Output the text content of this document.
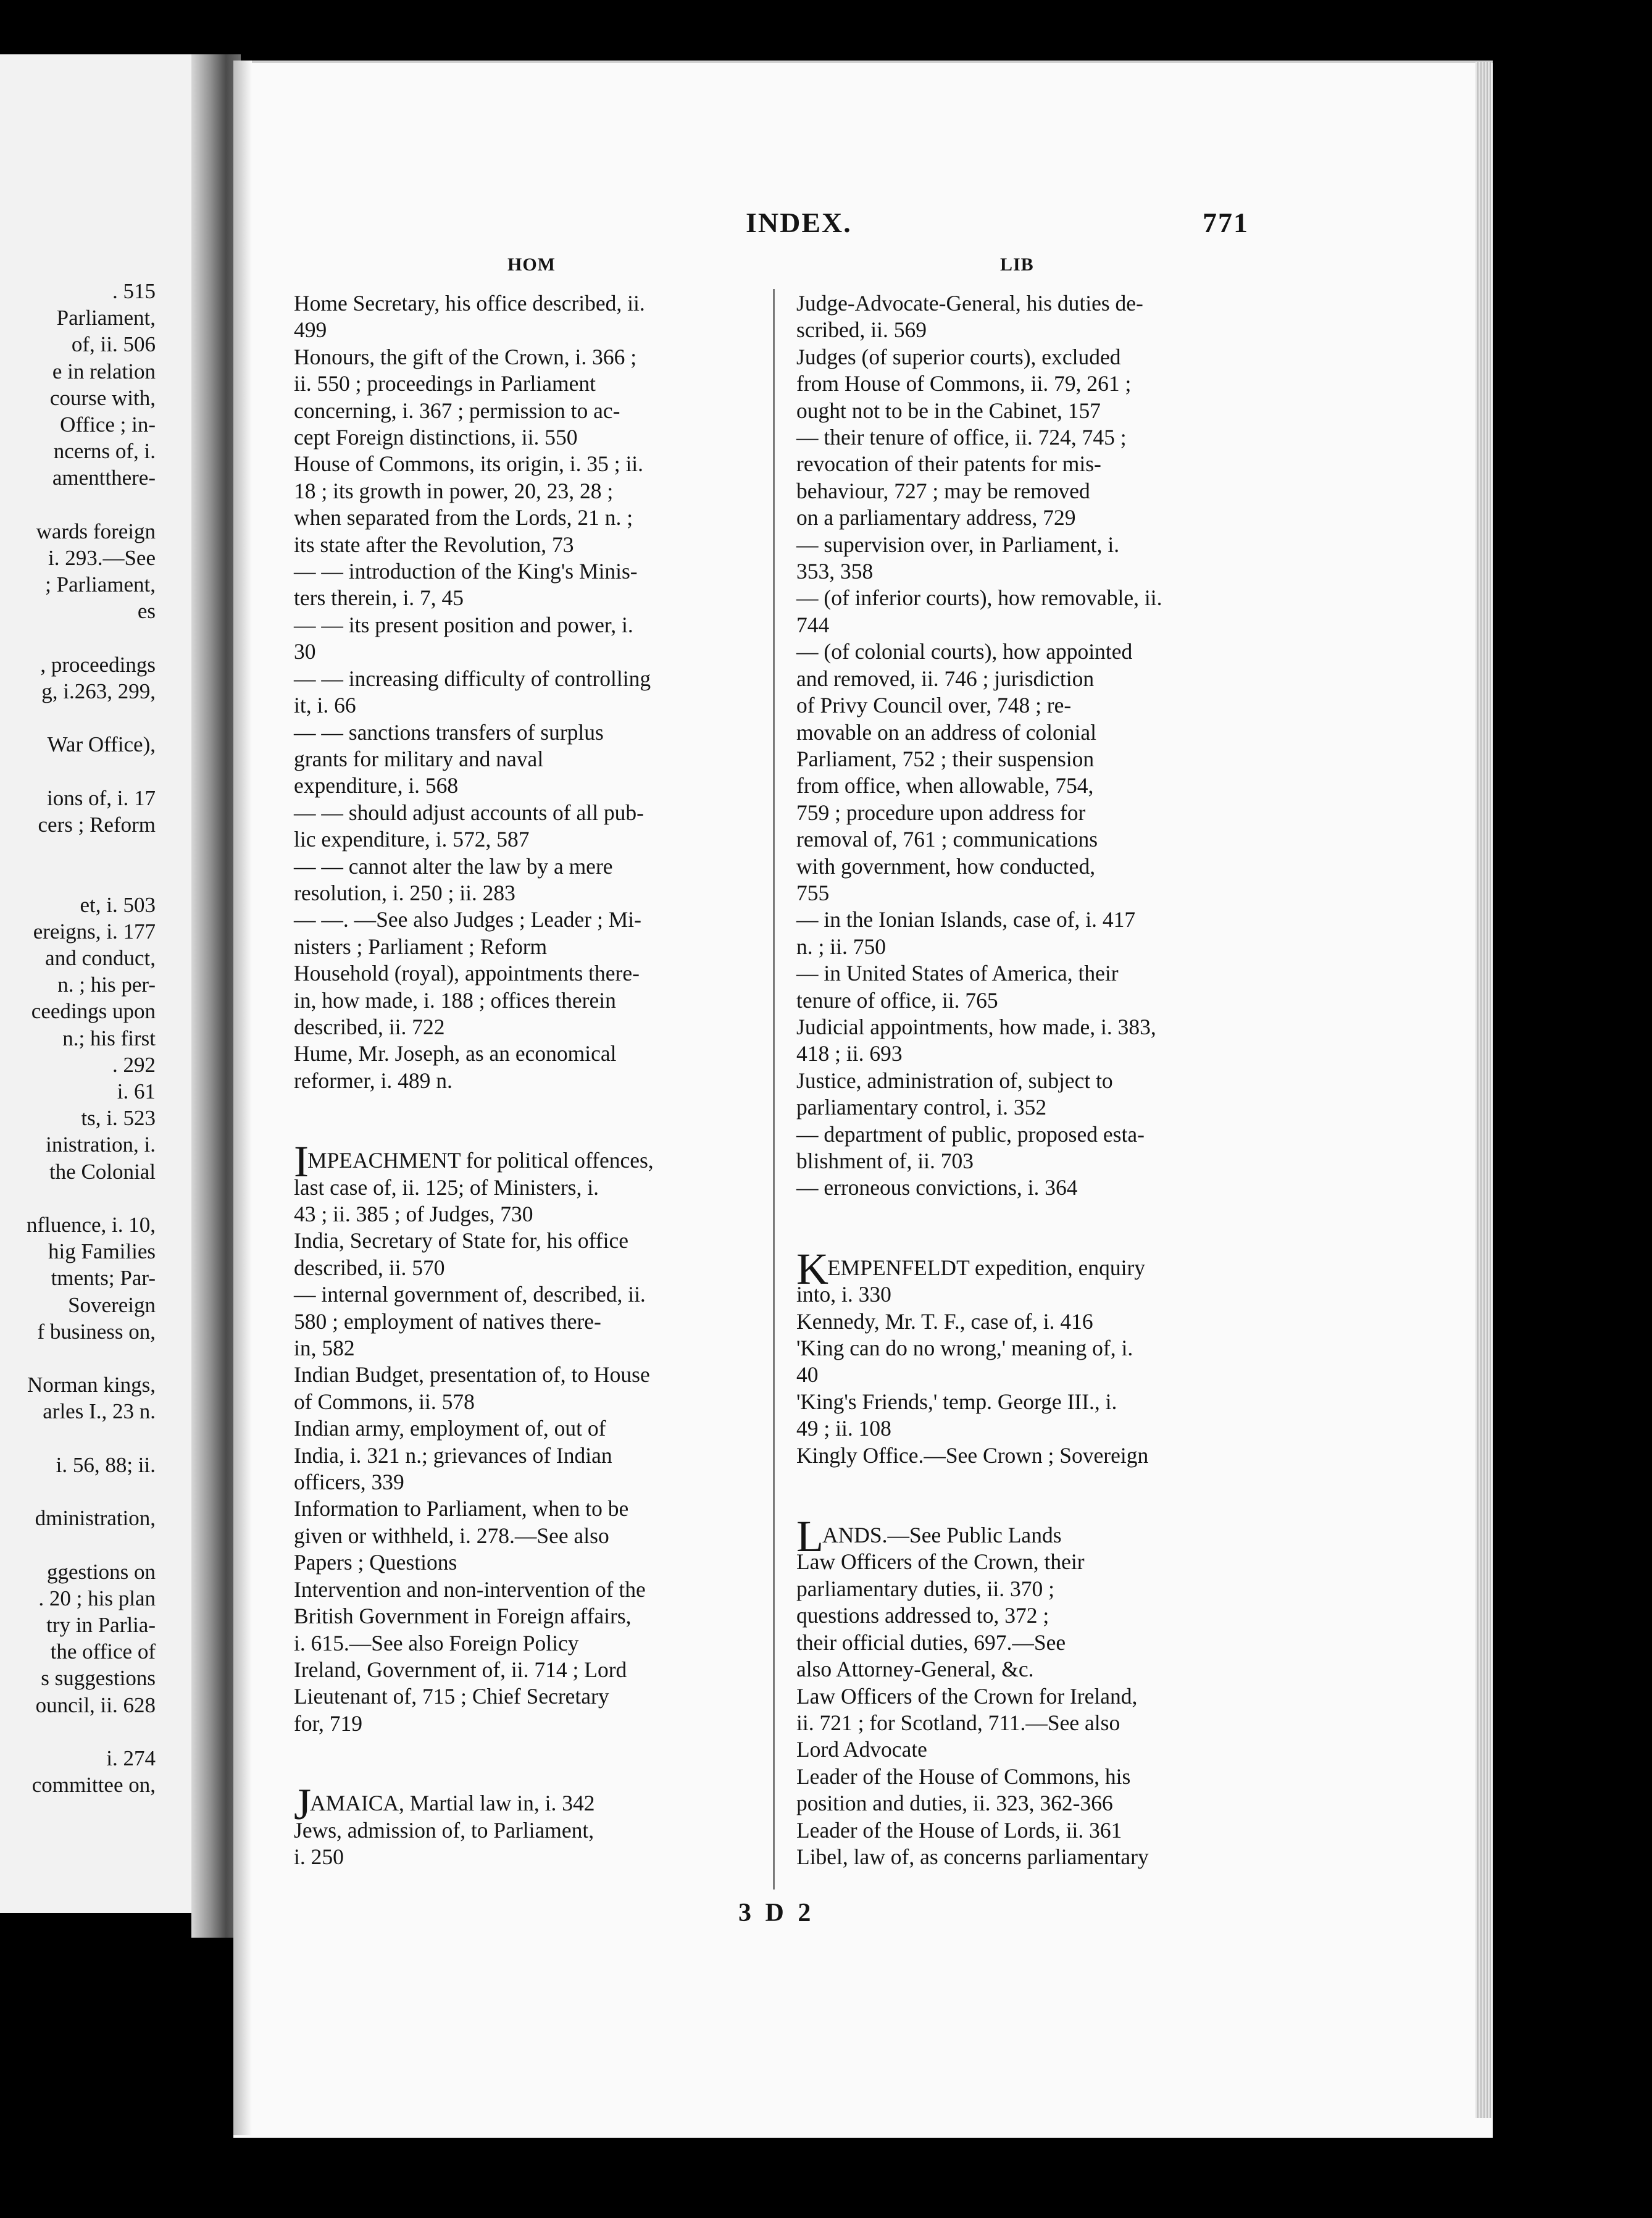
. 515
Parliament,
of, ii. 506
e in relation
course with,
Office ; in-
ncerns of, i.
amentthere-
wards foreign
i. 293.—See
; Parliament,
es
, proceedings
g, i.263, 299,
War Office),
ions of, i. 17
cers ; Reform
et, i. 503
ereigns, i. 177
and conduct,
n. ; his per-
ceedings upon
n.; his first
. 292
i. 61
ts, i. 523
inistration, i.
the Colonial
nfluence, i. 10,
hig Families
tments; Par-
Sovereign
f business on,
Norman kings,
arles I., 23 n.
i. 56, 88; ii.
dministration,
ggestions on
. 20 ; his plan
try in Parlia-
the office of
s suggestions
ouncil, ii. 628
i. 274
committee on,
INDEX.	771
HOM	LIB
Home Secretary, his office described, ii.
499
Honours, the gift of the Crown, i. 366 ;
ii. 550 ; proceedings in Parliament
concerning, i. 367 ; permission to ac-
cept Foreign distinctions, ii. 550
House of Commons, its origin, i. 35 ; ii.
18 ; its growth in power, 20, 23, 28 ;
when separated from the Lords, 21 n. ;
its state after the Revolution, 73
— — introduction of the King's Minis-
ters therein, i. 7, 45
— — its present position and power, i.
30
— — increasing difficulty of controlling
it, i. 66
— — sanctions transfers of surplus
grants for military and naval
expenditure, i. 568
— — should adjust accounts of all pub-
lic expenditure, i. 572, 587
— — cannot alter the law by a mere
resolution, i. 250 ; ii. 283
— —. —See also Judges ; Leader ; Mi-
nisters ; Parliament ; Reform
Household (royal), appointments there-
in, how made, i. 188 ; offices therein
described, ii. 722
Hume, Mr. Joseph, as an economical
reformer, i. 489 n.
IMPEACHMENT for political offences,
last case of, ii. 125; of Ministers, i.
43 ; ii. 385 ; of Judges, 730
India, Secretary of State for, his office
described, ii. 570
— internal government of, described, ii.
580 ; employment of natives there-
in, 582
Indian Budget, presentation of, to House
of Commons, ii. 578
Indian army, employment of, out of
India, i. 321 n.; grievances of Indian
officers, 339
Information to Parliament, when to be
given or withheld, i. 278.—See also
Papers ; Questions
Intervention and non-intervention of the
British Government in Foreign affairs,
i. 615.—See also Foreign Policy
Ireland, Government of, ii. 714 ; Lord
Lieutenant of, 715 ; Chief Secretary
for, 719
JAMAICA, Martial law in, i. 342
Jews, admission of, to Parliament,
i. 250
Judge-Advocate-General, his duties de-
scribed, ii. 569
Judges (of superior courts), excluded
from House of Commons, ii. 79, 261 ;
ought not to be in the Cabinet, 157
— their tenure of office, ii. 724, 745 ;
revocation of their patents for mis-
behaviour, 727 ; may be removed
on a parliamentary address, 729
— supervision over, in Parliament, i.
353, 358
— (of inferior courts), how removable, ii.
744
— (of colonial courts), how appointed
and removed, ii. 746 ; jurisdiction
of Privy Council over, 748 ; re-
movable on an address of colonial
Parliament, 752 ; their suspension
from office, when allowable, 754,
759 ; procedure upon address for
removal of, 761 ; communications
with government, how conducted,
755
— in the Ionian Islands, case of, i. 417
n. ; ii. 750
— in United States of America, their
tenure of office, ii. 765
Judicial appointments, how made, i. 383,
418 ; ii. 693
Justice, administration of, subject to
parliamentary control, i. 352
— department of public, proposed esta-
blishment of, ii. 703
— erroneous convictions, i. 364
KEMPENFELDT expedition, enquiry
into, i. 330
Kennedy, Mr. T. F., case of, i. 416
'King can do no wrong,' meaning of, i.
40
'King's Friends,' temp. George III., i.
49 ; ii. 108
Kingly Office.—See Crown ; Sovereign
LANDS.—See Public Lands
Law Officers of the Crown, their
parliamentary duties, ii. 370 ;
questions addressed to, 372 ;
their official duties, 697.—See
also Attorney-General, &c.
Law Officers of the Crown for Ireland,
ii. 721 ; for Scotland, 711.—See also
Lord Advocate
Leader of the House of Commons, his
position and duties, ii. 323, 362-366
Leader of the House of Lords, ii. 361
Libel, law of, as concerns parliamentary
3 D 2
